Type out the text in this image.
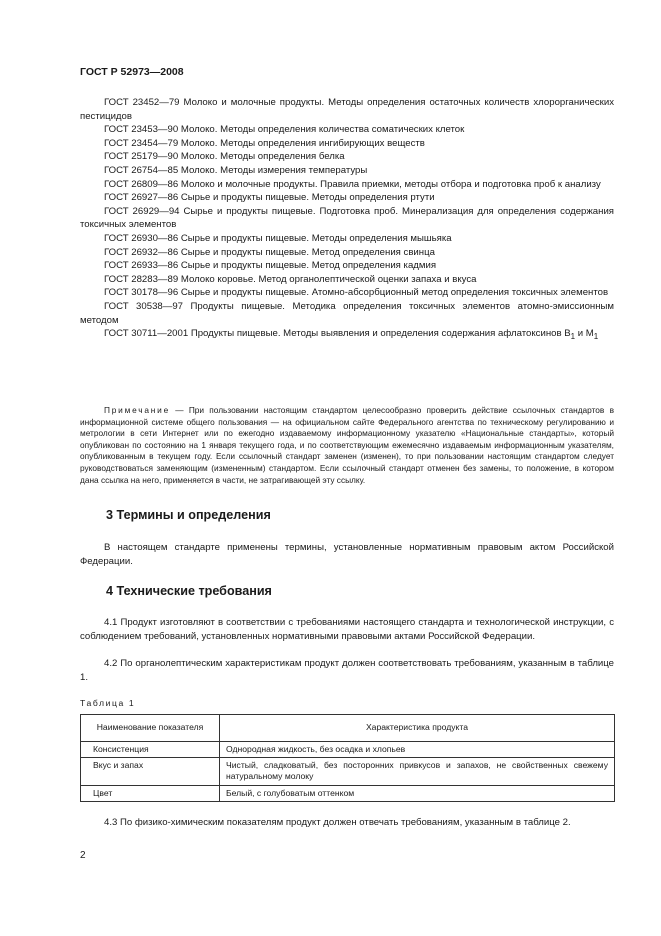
ГОСТ Р 52973—2008

ГОСТ 23452—79 Молоко и молочные продукты. Методы определения остаточных количеств хлорорганических пестицидов

ГОСТ 23453—90 Молоко. Методы определения количества соматических клеток

ГОСТ 23454—79 Молоко. Методы определения ингибирующих веществ

ГОСТ 25179—90 Молоко. Методы определения белка

ГОСТ 26754—85 Молоко. Методы измерения температуры

ГОСТ 26809—86 Молоко и молочные продукты. Правила приемки, методы отбора и подготовка проб к анализу

ГОСТ 26927—86 Сырье и продукты пищевые. Методы определения ртути

ГОСТ 26929—94 Сырье и продукты пищевые. Подготовка проб. Минерализация для определения содержания токсичных элементов

ГОСТ 26930—86 Сырье и продукты пищевые. Методы определения мышьяка

ГОСТ 26932—86 Сырье и продукты пищевые. Метод определения свинца

ГОСТ 26933—86 Сырье и продукты пищевые. Метод определения кадмия

ГОСТ 28283—89 Молоко коровье. Метод органолептической оценки запаха и вкуса

ГОСТ 30178—96 Сырье и продукты пищевые. Атомно-абсорбционный метод определения токсичных элементов

ГОСТ 30538—97 Продукты пищевые. Методика определения токсичных элементов атомно-эмиссионным методом

ГОСТ 30711—2001 Продукты пищевые. Методы выявления и определения содержания афлатоксинов $В_1$ и $М_1$

Примечание — При пользовании настоящим стандартом целесообразно проверить действие ссылочных стандартов в информационной системе общего пользования — на официальном сайте Федерального агентства по техническому регулированию и метрологии в сети Интернет или по ежегодно издаваемому информационному указателю «Национальные стандарты», который опубликован по состоянию на 1 января текущего года, и по соответствующим ежемесячно издаваемым информационным указателям, опубликованным в текущем году. Если ссылочный стандарт заменен (изменен), то при пользовании настоящим стандартом следует руководствоваться заменяющим (измененным) стандартом. Если ссылочный стандарт отменен без замены, то положение, в котором дана ссылка на него, применяется в части, не затрагивающей эту ссылку.

3 Термины и определения

В настоящем стандарте применены термины, установленные нормативным правовым актом Российской Федерации.

4 Технические требования

4.1 Продукт изготовляют в соответствии с требованиями настоящего стандарта и технологической инструкции, с соблюдением требований, установленных нормативными правовыми актами Российской Федерации.

4.2 По органолептическим характеристикам продукт должен соответствовать требованиям, указанным в таблице 1.

Таблица 1
Наименование показателя	Характеристика продукта
Консистенция	Однородная жидкость, без осадка и хлопьев
Вкус и запах	Чистый, сладковатый, без посторонних привкусов и запахов, не свойственных свежему натуральному молоку
Цвет	Белый, с голубоватым оттенком

4.3 По физико-химическим показателям продукт должен отвечать требованиям, указанным в таблице 2.

2
